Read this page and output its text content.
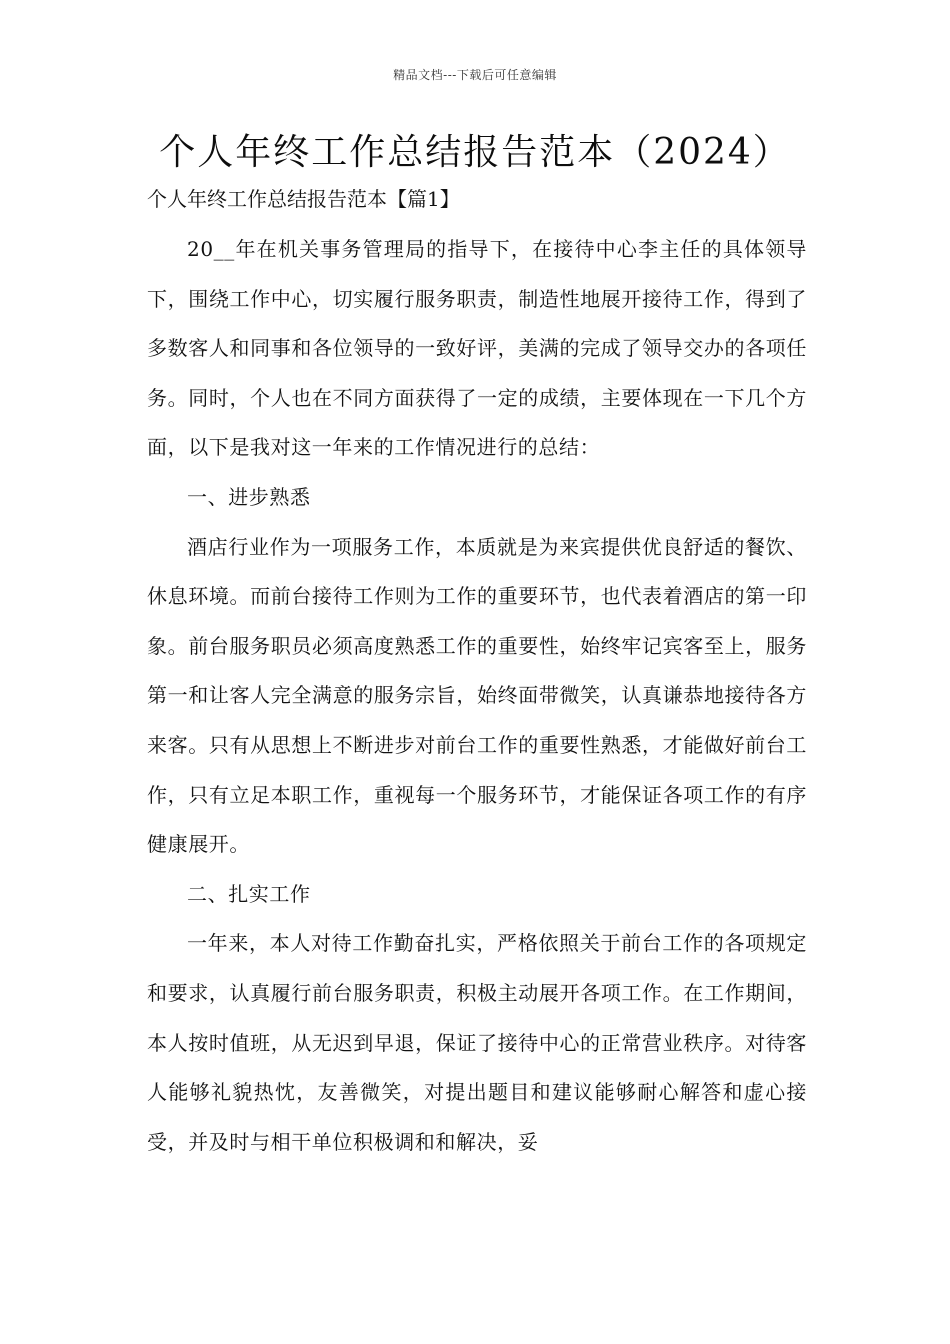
精品文档---下载后可任意编辑
个人年终工作总结报告范本（2024）
个人年终工作总结报告范本【篇1】

20__年在机关事务管理局的指导下，在接待中心李主任的具体领导下，围绕工作中心，切实履行服务职责，制造性地展开接待工作，得到了多数客人和同事和各位领导的一致好评，美满的完成了领导交办的各项任务。同时，个人也在不同方面获得了一定的成绩，主要体现在一下几个方面，以下是我对这一年来的工作情况进行的总结：

一、进步熟悉

酒店行业作为一项服务工作，本质就是为来宾提供优良舒适的餐饮、休息环境。而前台接待工作则为工作的重要环节，也代表着酒店的第一印象。前台服务职员必须高度熟悉工作的重要性，始终牢记宾客至上，服务第一和让客人完全满意的服务宗旨，始终面带微笑，认真谦恭地接待各方来客。只有从思想上不断进步对前台工作的重要性熟悉，才能做好前台工作，只有立足本职工作，重视每一个服务环节，才能保证各项工作的有序健康展开。

二、扎实工作

一年来，本人对待工作勤奋扎实，严格依照关于前台工作的各项规定和要求，认真履行前台服务职责，积极主动展开各项工作。在工作期间，本人按时值班，从无迟到早退，保证了接待中心的正常营业秩序。对待客人能够礼貌热忱，友善微笑，对提出题目和建议能够耐心解答和虚心接受，并及时与相干单位积极调和和解决，妥
